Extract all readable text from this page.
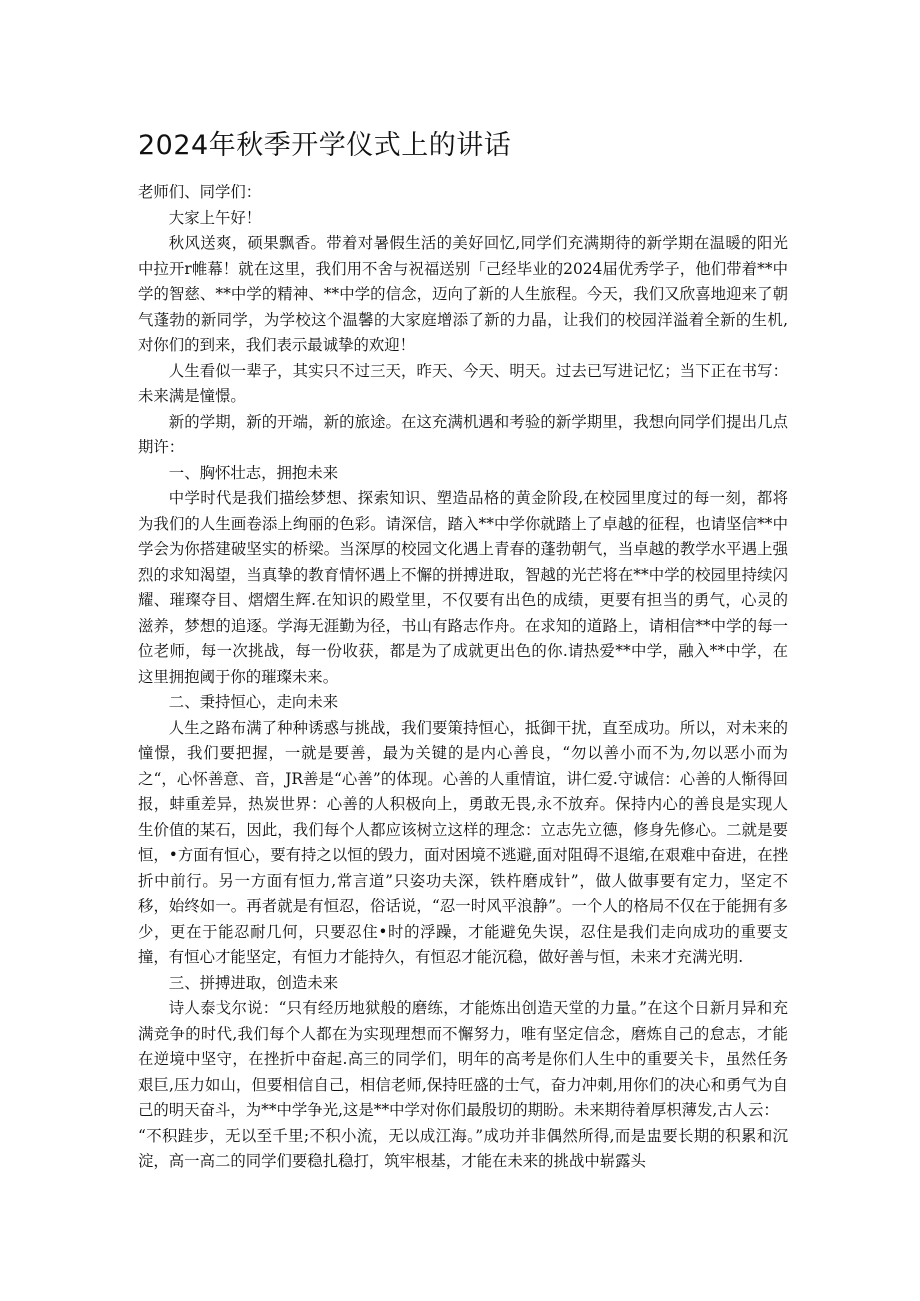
2024年秋季开学仪式上的讲话

老师们、同学们：

大家上午好！

秋风送爽，硕果飘香。带着对暑假生活的美好回忆,同学们充满期待的新学期在温暖的阳光中拉开r帷幕！就在这里，我们用不舍与祝福送别「己经毕业的2024届优秀学子，他们带着**中学的智慈、**中学的精神、**中学的信念，迈向了新的人生旅程。今天，我们又欣喜地迎来了朝气蓬勃的新同学，为学校这个温馨的大家庭增添了新的力晶，让我们的校园洋溢着全新的生机,对你们的到来，我们表示最诚挚的欢迎！

人生看似一辈子，其实只不过三天，昨天、今天、明天。过去已写进记忆；当下正在书写：未来满是憧憬。

新的学期，新的开端，新的旅途。在这充满机遇和考验的新学期里，我想向同学们提出几点期许：

一、胸怀壮志，拥抱未来

中学时代是我们描绘梦想、探索知识、塑造品格的黄金阶段,在校园里度过的每一刻，都将为我们的人生画卷添上绚丽的色彩。请深信，踏入**中学你就踏上了卓越的征程，也请坚信**中学会为你搭建破坚实的桥梁。当深厚的校园文化遇上青春的蓬勃朝气，当卓越的教学水平遇上强烈的求知渴望，当真挚的教育情怀遇上不懈的拼搏进取，智越的光芒将在**中学的校园里持续闪耀、璀璨夺目、熠熠生辉.在知识的殿堂里，不仅要有出色的成绩，更要有担当的勇气，心灵的滋养，梦想的追逐。学海无涯勤为径，书山有路志作舟。在求知的道路上，请相信**中学的每一位老师，每一次挑战，每一份收获，都是为了成就更出色的你.请热爱**中学，融入**中学，在这里拥抱阈于你的璀璨未来。

二、秉持恒心，走向未来

人生之路布满了种种诱惑与挑战，我们要策持恒心，抵御干扰，直至成功。所以，对未来的憧憬，我们要把握，一就是要善，最为关键的是内心善良，“勿以善小而不为,勿以恶小而为之“，心怀善意、音，JR善是“心善”的体现。心善的人重情谊，讲仁爱.守诚信：心善的人惭得回报，蚌重差异，热炭世界：心善的人积极向上，勇敢无畏,永不放弃。保持内心的善良是实现人生价值的某石，因此，我们每个人都应该树立这样的理念：立志先立德，修身先修心。二就是要恒，•方面有恒心，要有持之以恒的毁力，面对困境不逃避,面对阻碍不退缩,在艰难中奋进，在挫折中前行。另一方面有恒力,常言道”只姿功夫深，铁杵磨成针”，做人做事要有定力，坚定不移，始终如一。再者就是有恒忍，俗话说，“忍一时风平浪静”。一个人的格局不仅在于能拥有多少，更在于能忍耐几何，只要忍住•时的浮躁，才能避免失误，忍住是我们走向成功的重要支撞，有恒心才能坚定，有恒力才能持久，有恒忍才能沉稳，做好善与恒，未来才充满光明.

三、拼搏进取，创造未来

诗人泰戈尔说：“只有经历地狱般的磨练，才能炼出创造天堂的力量。”在这个日新月异和充满竞争的时代,我们每个人都在为实现理想而不懈努力，唯有坚定信念，磨炼自己的怠志，才能在逆境中坚守，在挫折中奋起.高三的同学们，明年的高考是你们人生中的重要关卡，虽然任务艰巨,压力如山，但要相信自己，相信老师,保持旺盛的士气，奋力冲刺,用你们的决心和勇气为自己的明天奋斗，为**中学争光,这是**中学对你们最殷切的期盼。未来期待着厚枳薄发,古人云：

“不积跬步，无以至千里;不积小流，无以成江海。”成功并非偶然所得,而是盅要长期的积累和沉淀，高一高二的同学们要稳扎稳打，筑牢根基，才能在未来的挑战中崭露头
